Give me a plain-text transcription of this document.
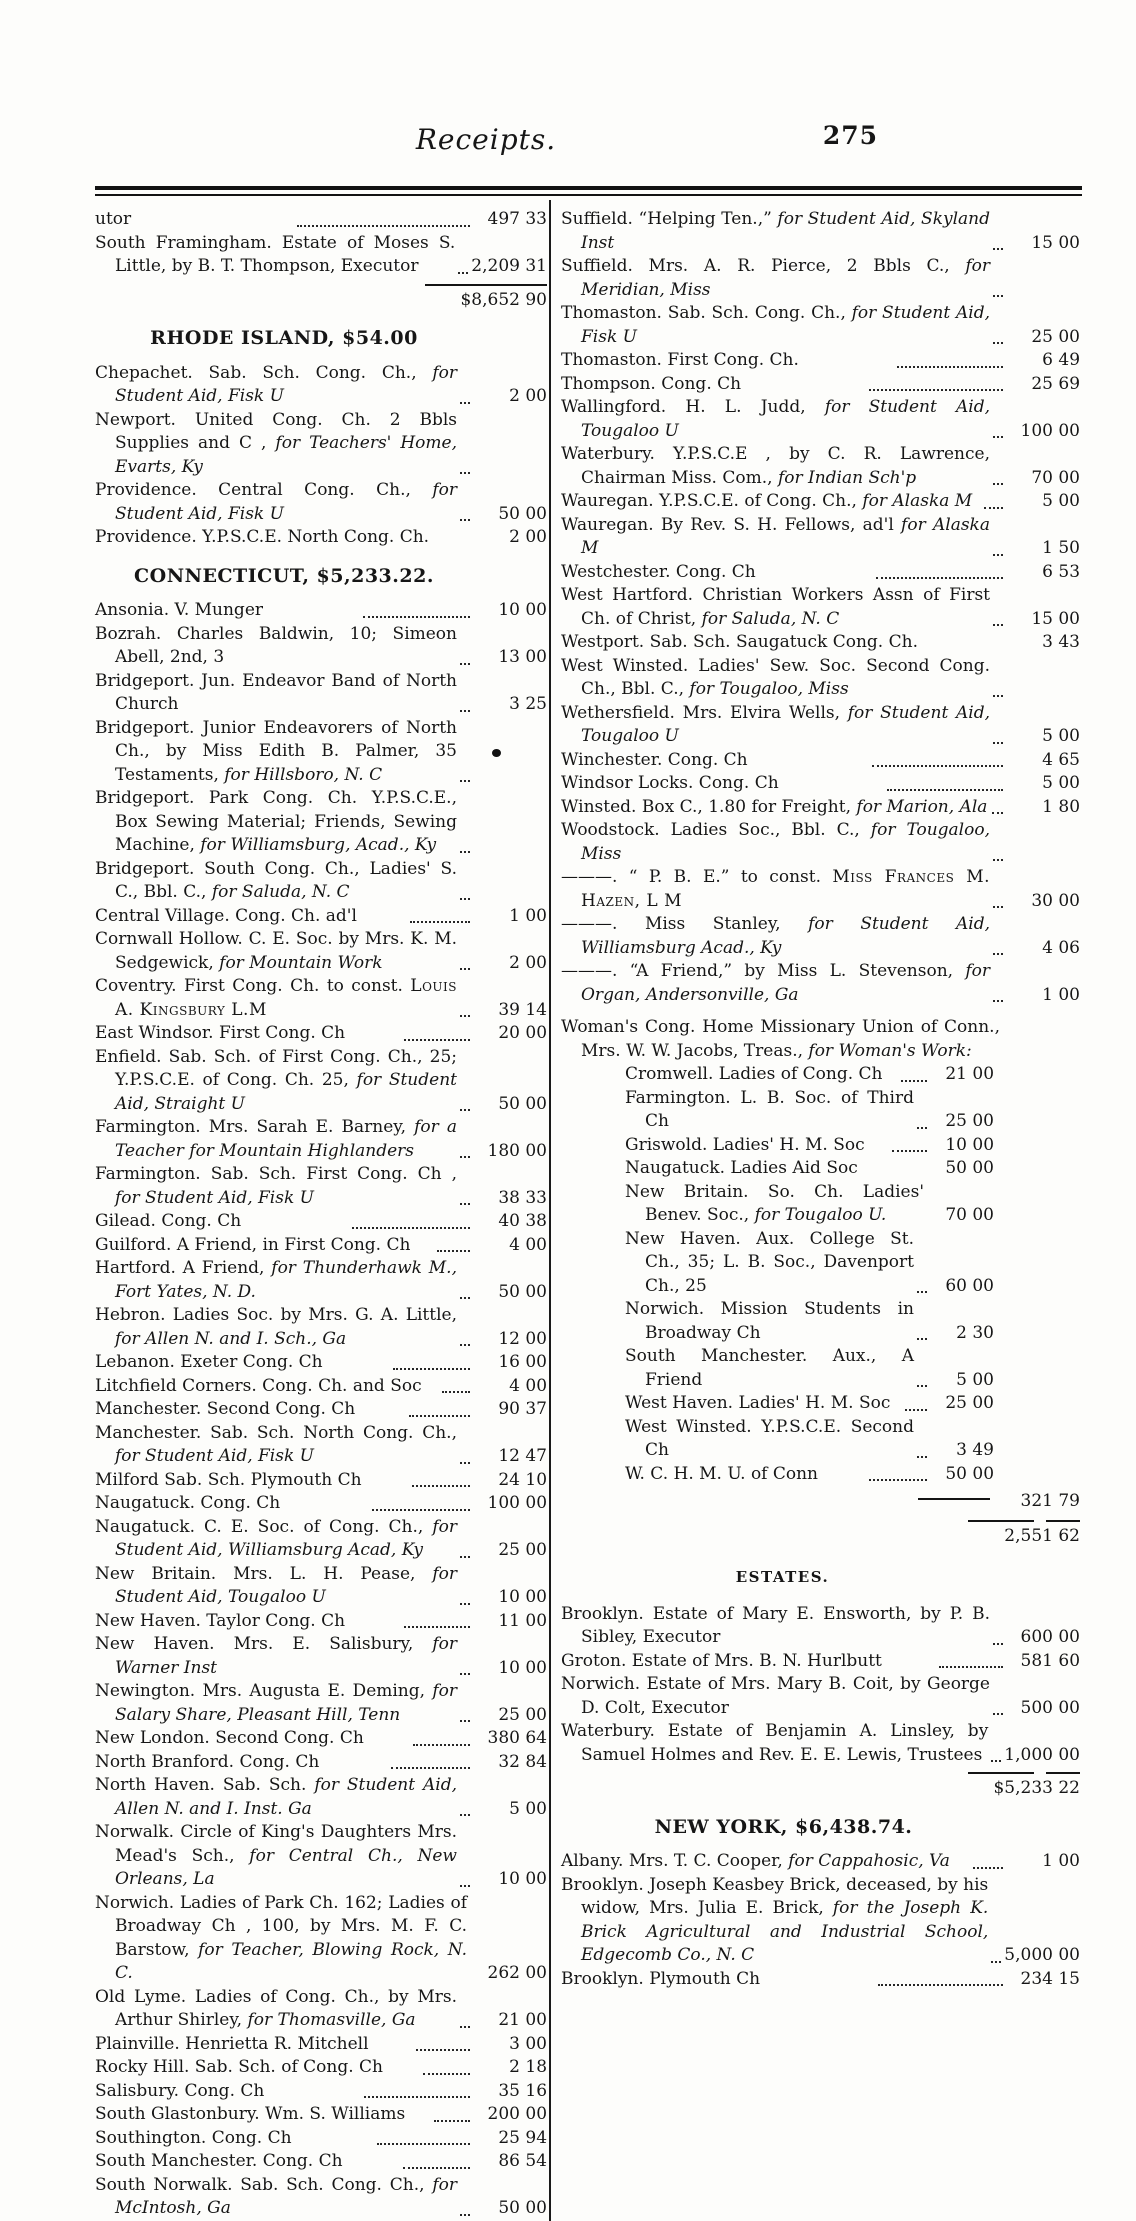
Receipts.	275
utor	497 33
South Framingham. Estate of Moses S. Little, by B. T. Thompson, Executor	2,209 31
$8,652 90
RHODE ISLAND, $54.00
Chepachet. Sab. Sch. Cong. Ch., for Student Aid, Fisk U	2 00
Newport. United Cong. Ch. 2 Bbls Supplies and C , for Teachers' Home, Evarts, Ky
Providence. Central Cong. Ch., for Student Aid, Fisk U	50 00
Providence. Y.P.S.C.E. North Cong. Ch.	2 00
CONNECTICUT, $5,233.22.
Ansonia. V. Munger	10 00
Bozrah. Charles Baldwin, 10; Simeon Abell, 2nd, 3	13 00
Bridgeport. Jun. Endeavor Band of North Church	3 25
Bridgeport. Junior Endeavorers of North Ch., by Miss Edith B. Palmer, 35 Testaments, for Hillsboro, N. C
Bridgeport. Park Cong. Ch. Y.P.S.C.E., Box Sewing Material; Friends, Sewing Machine, for Williamsburg, Acad., Ky
Bridgeport. South Cong. Ch., Ladies' S. C., Bbl. C., for Saluda, N. C
Central Village. Cong. Ch. ad'l	1 00
Cornwall Hollow. C. E. Soc. by Mrs. K. M. Sedgewick, for Mountain Work	2 00
Coventry. First Cong. Ch. to const. Louis A. Kingsbury L.M	39 14
East Windsor. First Cong. Ch	20 00
Enfield. Sab. Sch. of First Cong. Ch., 25; Y.P.S.C.E. of Cong. Ch. 25, for Student Aid, Straight U	50 00
Farmington. Mrs. Sarah E. Barney, for a Teacher for Mountain Highlanders	180 00
Farmington. Sab. Sch. First Cong. Ch , for Student Aid, Fisk U	38 33
Gilead. Cong. Ch	40 38
Guilford. A Friend, in First Cong. Ch	4 00
Hartford. A Friend, for Thunderhawk M., Fort Yates, N. D.	50 00
Hebron. Ladies Soc. by Mrs. G. A. Little, for Allen N. and I. Sch., Ga	12 00
Lebanon. Exeter Cong. Ch	16 00
Litchfield Corners. Cong. Ch. and Soc	4 00
Manchester. Second Cong. Ch	90 37
Manchester. Sab. Sch. North Cong. Ch., for Student Aid, Fisk U	12 47
Milford Sab. Sch. Plymouth Ch	24 10
Naugatuck. Cong. Ch	100 00
Naugatuck. C. E. Soc. of Cong. Ch., for Student Aid, Williamsburg Acad, Ky	25 00
New Britain. Mrs. L. H. Pease, for Student Aid, Tougaloo U	10 00
New Haven. Taylor Cong. Ch	11 00
New Haven. Mrs. E. Salisbury, for Warner Inst	10 00
Newington. Mrs. Augusta E. Deming, for Salary Share, Pleasant Hill, Tenn	25 00
New London. Second Cong. Ch	380 64
North Branford. Cong. Ch	32 84
North Haven. Sab. Sch. for Student Aid, Allen N. and I. Inst. Ga	5 00
Norwalk. Circle of King's Daughters Mrs. Mead's Sch., for Central Ch., New Orleans, La	10 00
Norwich. Ladies of Park Ch. 162; Ladies of Broadway Ch , 100, by Mrs. M. F. C. Barstow, for Teacher, Blowing Rock, N. C.	262 00
Old Lyme. Ladies of Cong. Ch., by Mrs. Arthur Shirley, for Thomasville, Ga	21 00
Plainville. Henrietta R. Mitchell	3 00
Rocky Hill. Sab. Sch. of Cong. Ch	2 18
Salisbury. Cong. Ch	35 16
South Glastonbury. Wm. S. Williams	200 00
Southington. Cong. Ch	25 94
South Manchester. Cong. Ch	86 54
South Norwalk. Sab. Sch. Cong. Ch., for McIntosh, Ga	50 00
Suffield. “Helping Ten.,” for Student Aid, Skyland Inst	15 00
Suffield. Mrs. A. R. Pierce, 2 Bbls C., for Meridian, Miss
Thomaston. Sab. Sch. Cong. Ch., for Student Aid, Fisk U	25 00
Thomaston. First Cong. Ch.	6 49
Thompson. Cong. Ch	25 69
Wallingford. H. L. Judd, for Student Aid, Tougaloo U	100 00
Waterbury. Y.P.S.C.E , by C. R. Lawrence, Chairman Miss. Com., for Indian Sch'p	70 00
Wauregan. Y.P.S.C.E. of Cong. Ch., for Alaska M	5 00
Wauregan. By Rev. S. H. Fellows, ad'l for Alaska M	1 50
Westchester. Cong. Ch	6 53
West Hartford. Christian Workers Assn of First Ch. of Christ, for Saluda, N. C	15 00
Westport. Sab. Sch. Saugatuck Cong. Ch.	3 43
West Winsted. Ladies' Sew. Soc. Second Cong. Ch., Bbl. C., for Tougaloo, Miss
Wethersfield. Mrs. Elvira Wells, for Student Aid, Tougaloo U	5 00
Winchester. Cong. Ch	4 65
Windsor Locks. Cong. Ch	5 00
Winsted. Box C., 1.80 for Freight, for Marion, Ala	1 80
Woodstock. Ladies Soc., Bbl. C., for Tougaloo, Miss
———. “ P. B. E.” to const. Miss Frances M. Hazen, L M	30 00
———. Miss Stanley, for Student Aid, Williamsburg Acad., Ky	4 06
———. “A Friend,” by Miss L. Stevenson, for Organ, Andersonville, Ga	1 00
Woman's Cong. Home Missionary Union of Conn., Mrs. W. W. Jacobs, Treas., for Woman's Work:
Cromwell. Ladies of Cong. Ch	21 00
Farmington. L. B. Soc. of Third Ch	25 00
Griswold. Ladies' H. M. Soc	10 00
Naugatuck. Ladies Aid Soc	50 00
New Britain. So. Ch. Ladies' Benev. Soc., for Tougaloo U.	70 00
New Haven. Aux. College St. Ch., 35; L. B. Soc., Davenport Ch., 25	60 00
Norwich. Mission Students in Broadway Ch	2 30
South Manchester. Aux., A Friend	5 00
West Haven. Ladies' H. M. Soc	25 00
West Winsted. Y.P.S.C.E. Second Ch	3 49
W. C. H. M. U. of Conn	50 00
321 79
2,551 62
ESTATES.
Brooklyn. Estate of Mary E. Ensworth, by P. B. Sibley, Executor	600 00
Groton. Estate of Mrs. B. N. Hurlbutt	581 60
Norwich. Estate of Mrs. Mary B. Coit, by George D. Colt, Executor	500 00
Waterbury. Estate of Benjamin A. Linsley, by Samuel Holmes and Rev. E. E. Lewis, Trustees	1,000 00
$5,233 22
NEW YORK, $6,438.74.
Albany. Mrs. T. C. Cooper, for Cappahosic, Va	1 00
Brooklyn. Joseph Keasbey Brick, deceased, by his widow, Mrs. Julia E. Brick, for the Joseph K. Brick Agricultural and Industrial School, Edgecomb Co., N. C	5,000 00
Brooklyn. Plymouth Ch	234 15
